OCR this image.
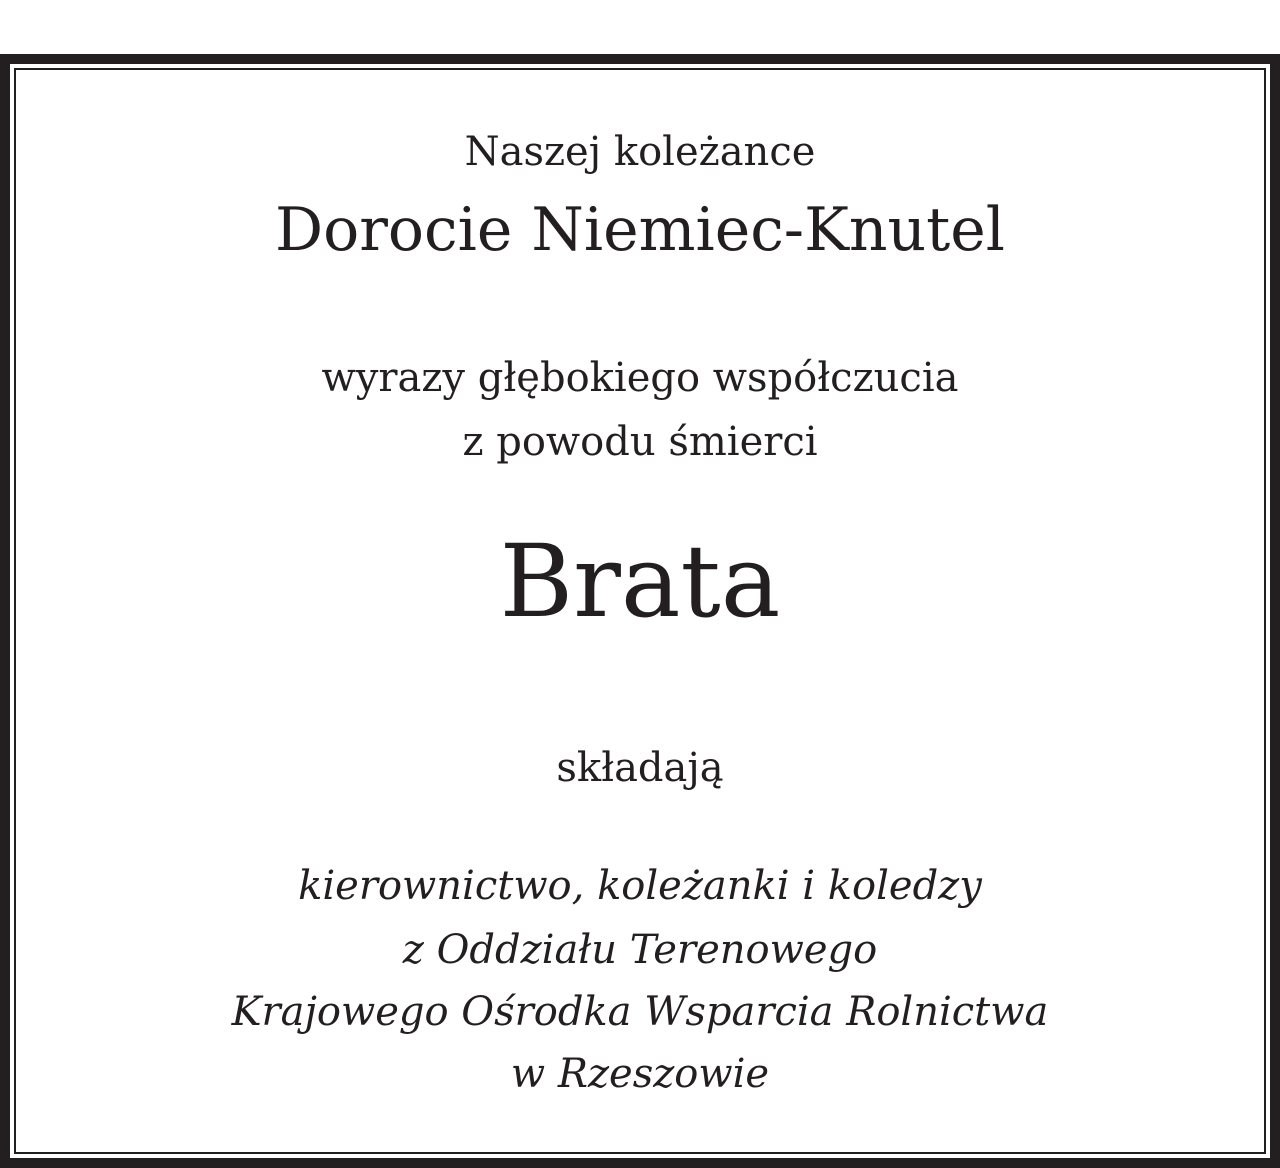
Naszej koleżance
Dorocie Niemiec-Knutel
wyrazy głębokiego współczucia
z powodu śmierci
Brata
składają
kierownictwo, koleżanki i koledzy
z Oddziału Terenowego
Krajowego Ośrodka Wsparcia Rolnictwa
w Rzeszowie
